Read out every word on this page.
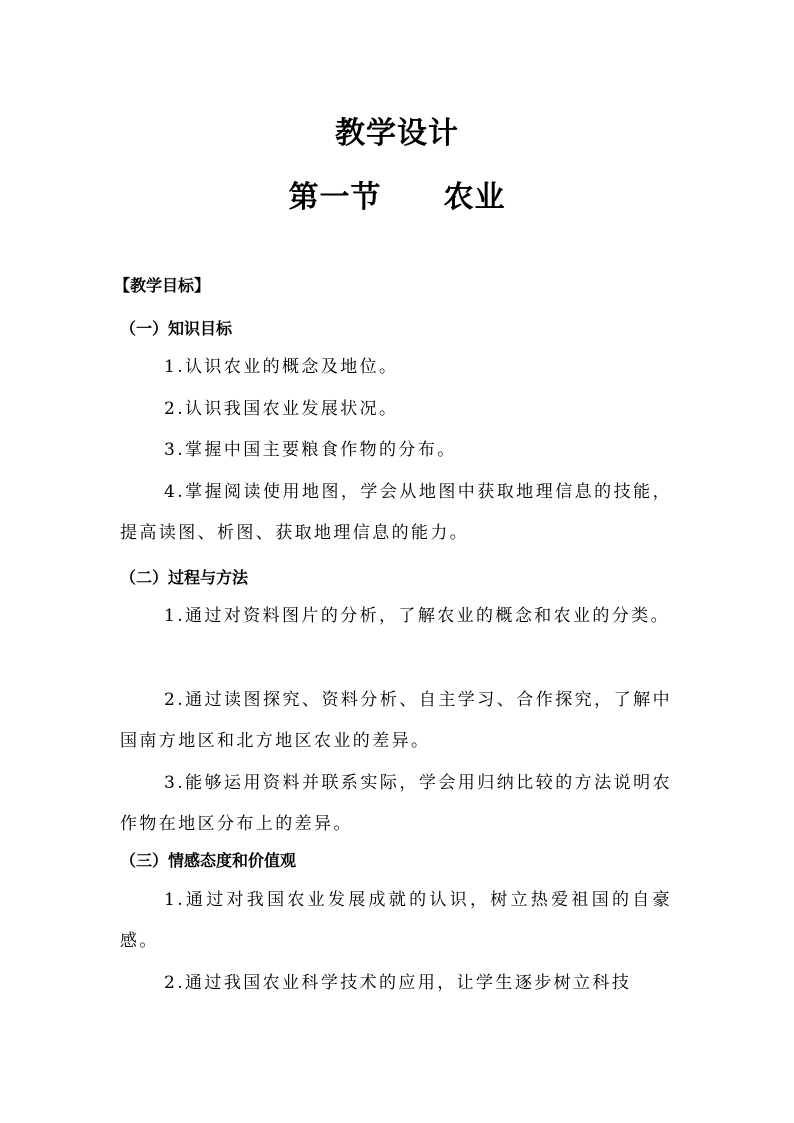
教学设计
第一节 农业
【教学目标】
（一）知识目标

1.认识农业的概念及地位。

2.认识我国农业发展状况。

3.掌握中国主要粮食作物的分布。

4.掌握阅读使用地图，学会从地图中获取地理信息的技能，提高读图、析图、获取地理信息的能力。

（二）过程与方法

1.通过对资料图片的分析，了解农业的概念和农业的分类。

2.通过读图探究、资料分析、自主学习、合作探究，了解中国南方地区和北方地区农业的差异。

3.能够运用资料并联系实际，学会用归纳比较的方法说明农作物在地区分布上的差异。

（三）情感态度和价值观

1.通过对我国农业发展成就的认识，树立热爱祖国的自豪感。

2.通过我国农业科学技术的应用，让学生逐步树立科技
